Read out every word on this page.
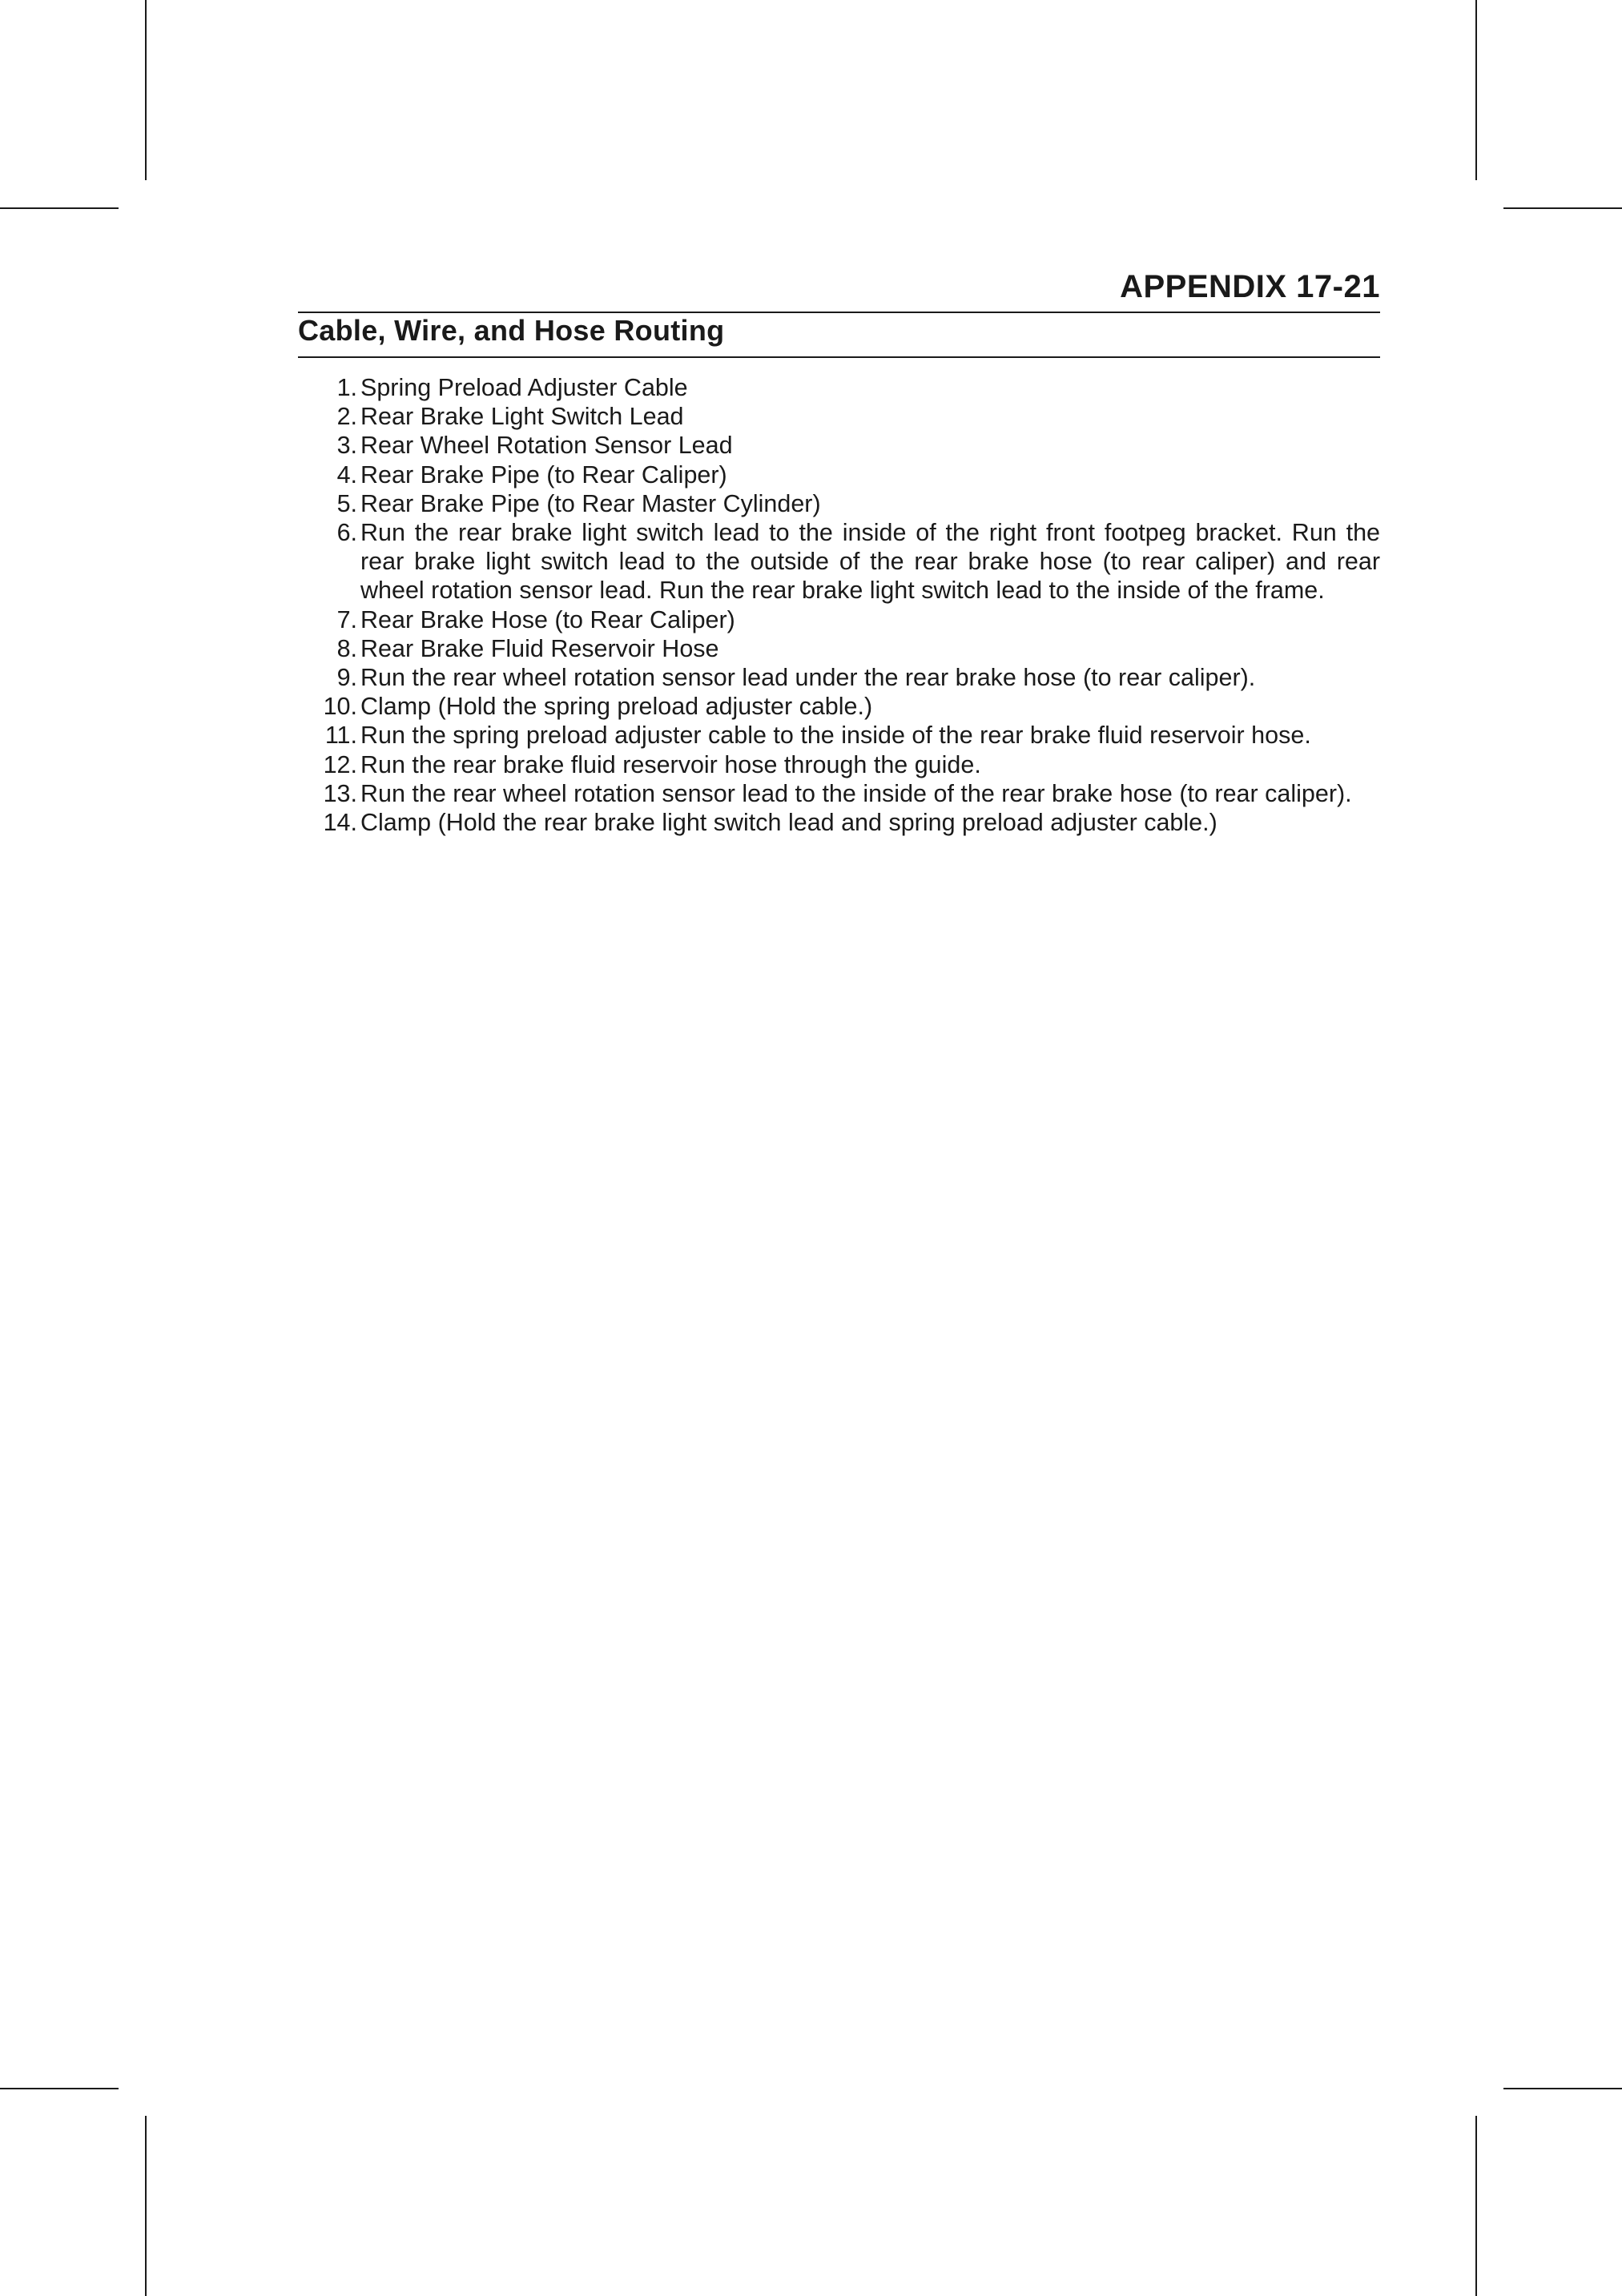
APPENDIX 17-21
Cable, Wire, and Hose Routing
1. Spring Preload Adjuster Cable
2. Rear Brake Light Switch Lead
3. Rear Wheel Rotation Sensor Lead
4. Rear Brake Pipe (to Rear Caliper)
5. Rear Brake Pipe (to Rear Master Cylinder)
6. Run the rear brake light switch lead to the inside of the right front footpeg bracket. Run the rear brake light switch lead to the outside of the rear brake hose (to rear caliper) and rear wheel rotation sensor lead. Run the rear brake light switch lead to the inside of the frame.
7. Rear Brake Hose (to Rear Caliper)
8. Rear Brake Fluid Reservoir Hose
9. Run the rear wheel rotation sensor lead under the rear brake hose (to rear caliper).
10. Clamp (Hold the spring preload adjuster cable.)
11. Run the spring preload adjuster cable to the inside of the rear brake fluid reservoir hose.
12. Run the rear brake fluid reservoir hose through the guide.
13. Run the rear wheel rotation sensor lead to the inside of the rear brake hose (to rear caliper).
14. Clamp (Hold the rear brake light switch lead and spring preload adjuster cable.)
